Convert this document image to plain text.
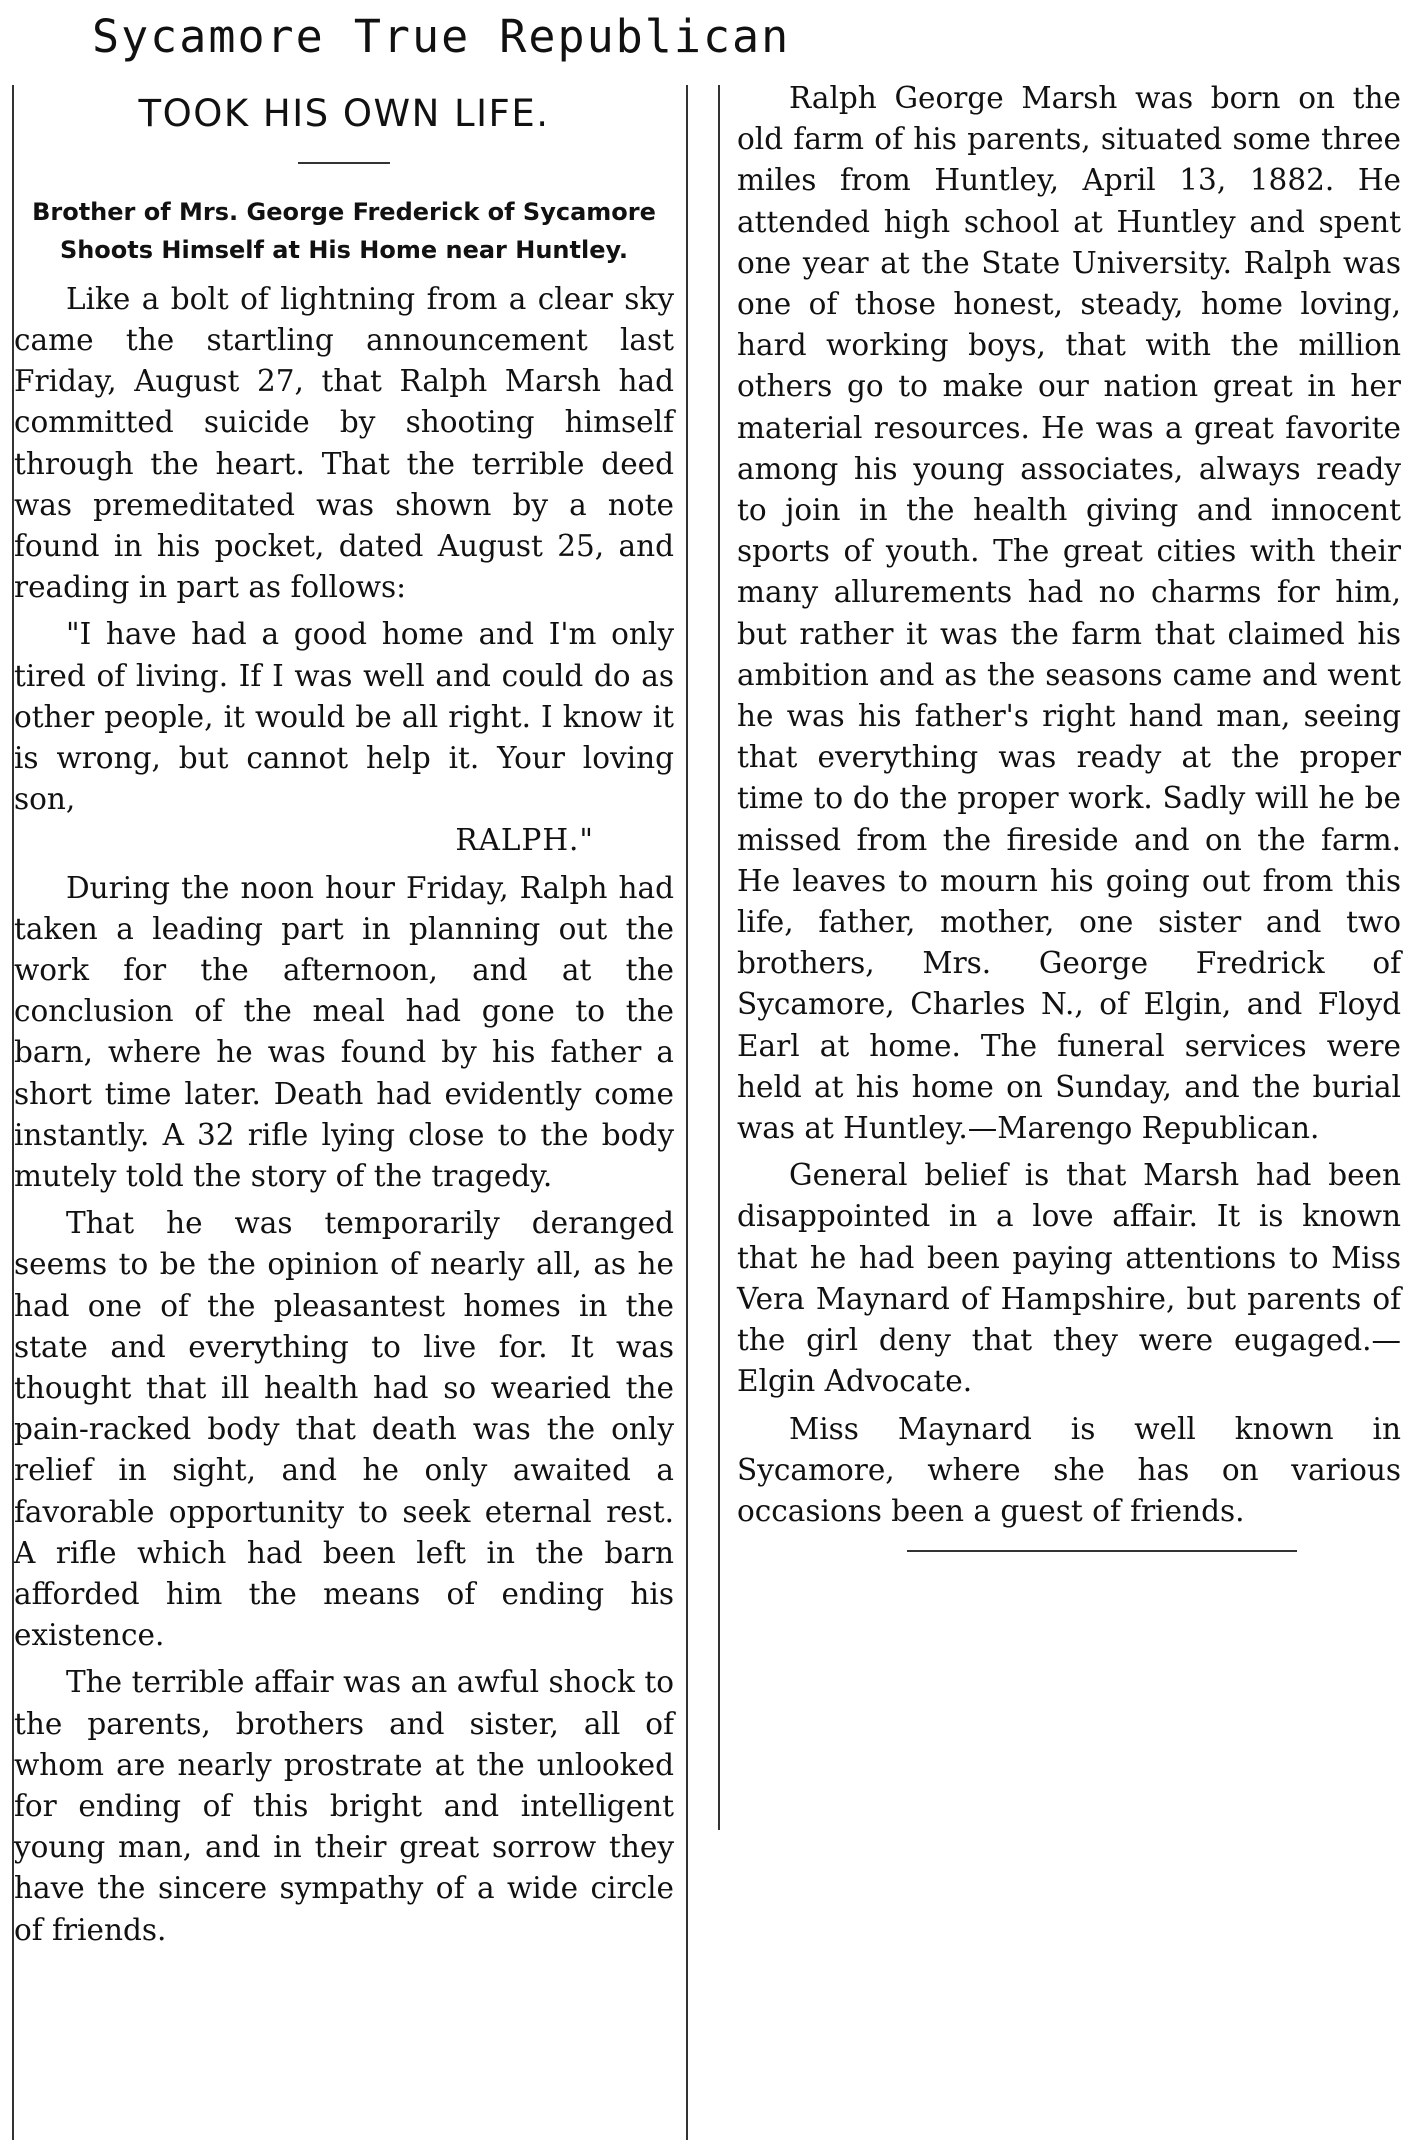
Sycamore True Republican
TOOK HIS OWN LIFE.
Brother of Mrs. George Frederick of Sycamore Shoots Himself at His Home near Huntley.

Like a bolt of lightning from a clear sky came the startling announcement last Friday, August 27, that Ralph Marsh had committed suicide by shooting himself through the heart. That the terrible deed was premeditated was shown by a note found in his pocket, dated August 25, and reading in part as follows:

"I have had a good home and I'm only tired of living. If I was well and could do as other people, it would be all right. I know it is wrong, but cannot help it. Your loving son,

RALPH."

During the noon hour Friday, Ralph had taken a leading part in planning out the work for the afternoon, and at the conclusion of the meal had gone to the barn, where he was found by his father a short time later. Death had evidently come instantly. A 32 rifle lying close to the body mutely told the story of the tragedy.

That he was temporarily deranged seems to be the opinion of nearly all, as he had one of the pleasantest homes in the state and everything to live for. It was thought that ill health had so wearied the pain-racked body that death was the only relief in sight, and he only awaited a favorable opportunity to seek eternal rest. A rifle which had been left in the barn afforded him the means of ending his existence.

The terrible affair was an awful shock to the parents, brothers and sister, all of whom are nearly prostrate at the unlooked for ending of this bright and intelligent young man, and in their great sorrow they have the sincere sympathy of a wide circle of friends.

Ralph George Marsh was born on the old farm of his parents, situated some three miles from Huntley, April 13, 1882. He attended high school at Huntley and spent one year at the State University. Ralph was one of those honest, steady, home loving, hard working boys, that with the million others go to make our nation great in her material resources. He was a great favorite among his young associates, always ready to join in the health giving and innocent sports of youth. The great cities with their many allurements had no charms for him, but rather it was the farm that claimed his ambition and as the seasons came and went he was his father's right hand man, seeing that everything was ready at the proper time to do the proper work. Sadly will he be missed from the fireside and on the farm. He leaves to mourn his going out from this life, father, mother, one sister and two brothers, Mrs. George Fredrick of Sycamore, Charles N., of Elgin, and Floyd Earl at home. The funeral services were held at his home on Sunday, and the burial was at Huntley.—Marengo Republican.

General belief is that Marsh had been disappointed in a love affair. It is known that he had been paying attentions to Miss Vera Maynard of Hampshire, but parents of the girl deny that they were eugaged.—Elgin Advocate.

Miss Maynard is well known in Sycamore, where she has on various occasions been a guest of friends.
